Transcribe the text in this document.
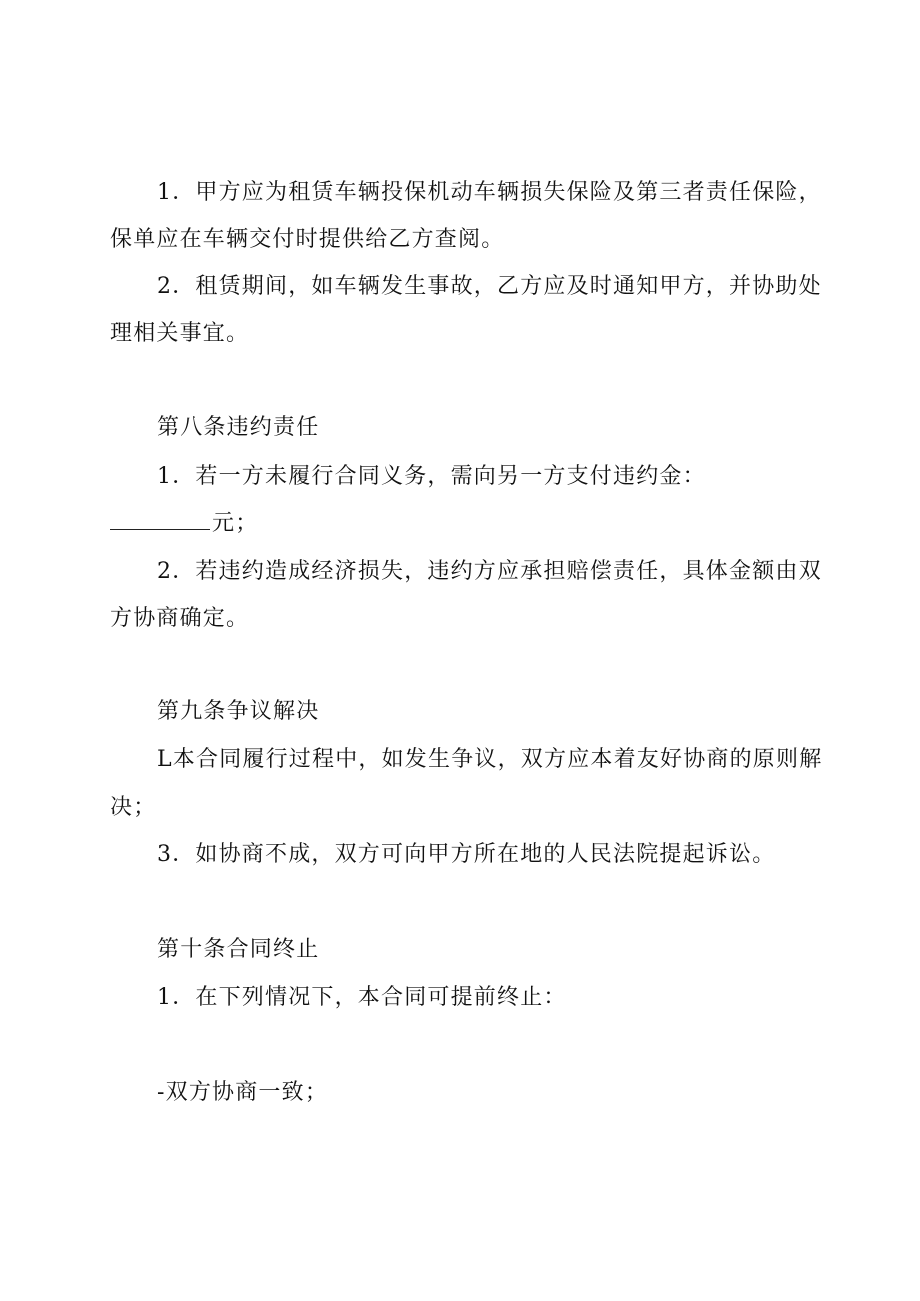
1．甲方应为租赁车辆投保机动车辆损失保险及第三者责任保险，
保单应在车辆交付时提供给乙方查阅。
2．租赁期间，如车辆发生事故，乙方应及时通知甲方，并协助处
理相关事宜。
第八条违约责任
1．若一方未履行合同义务，需向另一方支付违约金：
元；
2．若违约造成经济损失，违约方应承担赔偿责任，具体金额由双
方协商确定。
第九条争议解决
L本合同履行过程中，如发生争议，双方应本着友好协商的原则解
决；
3．如协商不成，双方可向甲方所在地的人民法院提起诉讼。
第十条合同终止
1．在下列情况下，本合同可提前终止：
-双方协商一致；
